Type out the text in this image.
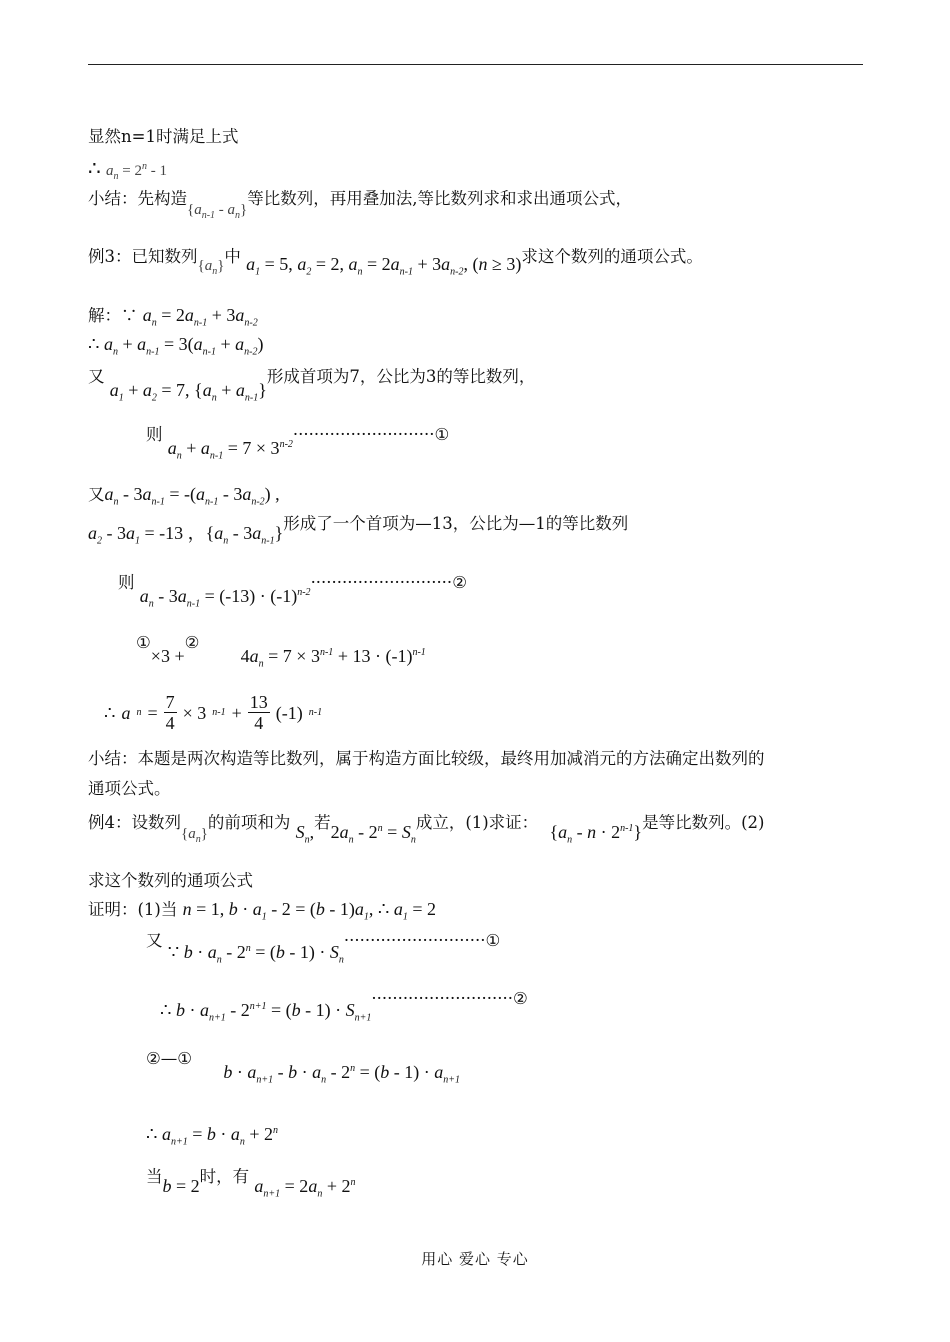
显然n=1时满足上式
∴ $a_n = 2^n - 1$
小结：先构造$\{a_{n-1} - a_n\}$等比数列，再用叠加法,等比数列求和求出通项公式，
例3：已知数列$\{a_n\}$中 $a_1 = 5$, $a_2 = 2$, $a_n = 2a_{n-1} + 3a_{n-2}$, (n ≥ 3)求这个数列的通项公式。
解：∵ $a_n = 2a_{n-1} + 3a_{n-2}$
∴ $a_n + a_{n-1} = 3(a_{n-1} + a_{n-2})$
又 $a_1 + a_2 = 7$, $\{a_n + a_{n-1}\}$形成首项为7，公比为3的等比数列，
则 $a_n + a_{n-1} = 7$ × $3^{n-2}\cdot\cdot\cdot\cdot\cdot\cdot\cdot\cdot\cdot\cdot\cdot\cdot\cdot\cdot\cdot\cdot\cdot\cdot\cdot\cdot\cdot\cdot\cdot\cdot\cdot\cdot\cdot ①$
又$a_n - 3a_{n-1} = -(a_{n-1} - 3a_{n-2})$ ,
$a_2 - 3a_1 = -13$ ，$\{a_n - 3a_{n-1}\}$形成了一个首项为—13，公比为—1的等比数列
则 $a_n - 3a_{n-1} = (-13)$ · $(-1)^{n-2}\cdot\cdot\cdot\cdot\cdot\cdot\cdot\cdot\cdot\cdot\cdot\cdot\cdot\cdot\cdot\cdot\cdot\cdot\cdot\cdot\cdot\cdot\cdot\cdot\cdot\cdot\cdot ②$
①×3 +② $4a_n = 7 \times 3^{n-1} + 13 \cdot (-1)^{n-1}$
∴ a n =
7
4
× 3 n-1 +
13
4
(-1) n-1
小结：本题是两次构造等比数列，属于构造方面比较级，最终用加减消元的方法确定出数列的
通项公式。
例4：设数列$\{a_n\}$的前项和为 $S_n$,若$2a_n - 2^n = S_n$成立，(1)求证： $\{a_n - n \cdot 2^{n-1}\}$是等比数列。(2)
求这个数列的通项公式
证明：(1)当 n = 1, $b \cdot a_1 - 2 = (b - 1)a_1$, ∴ $a_1 = 2$
又 ∵ $b \cdot a_n - 2^n = (b - 1)$ · $S_n\cdot\cdot\cdot\cdot\cdot\cdot\cdot\cdot\cdot\cdot\cdot\cdot\cdot\cdot\cdot\cdot\cdot\cdot\cdot\cdot\cdot\cdot\cdot\cdot\cdot\cdot\cdot ①$
∴ $b \cdot a_{n+1} - 2^{n+1} = (b - 1)$ · $S_{n+1}\cdot\cdot\cdot\cdot\cdot\cdot\cdot\cdot\cdot\cdot\cdot\cdot\cdot\cdot\cdot\cdot\cdot\cdot\cdot\cdot\cdot\cdot\cdot\cdot\cdot\cdot\cdot ②$
②—① $b \cdot a_{n+1} - b \cdot a_n - 2^n = (b - 1) \cdot a_{n+1}$
∴ $a_{n+1} = b \cdot a_n + 2^n$
当b = 2时，有 $a_{n+1} = 2a_n + 2^n$
用心 爱心 专心
